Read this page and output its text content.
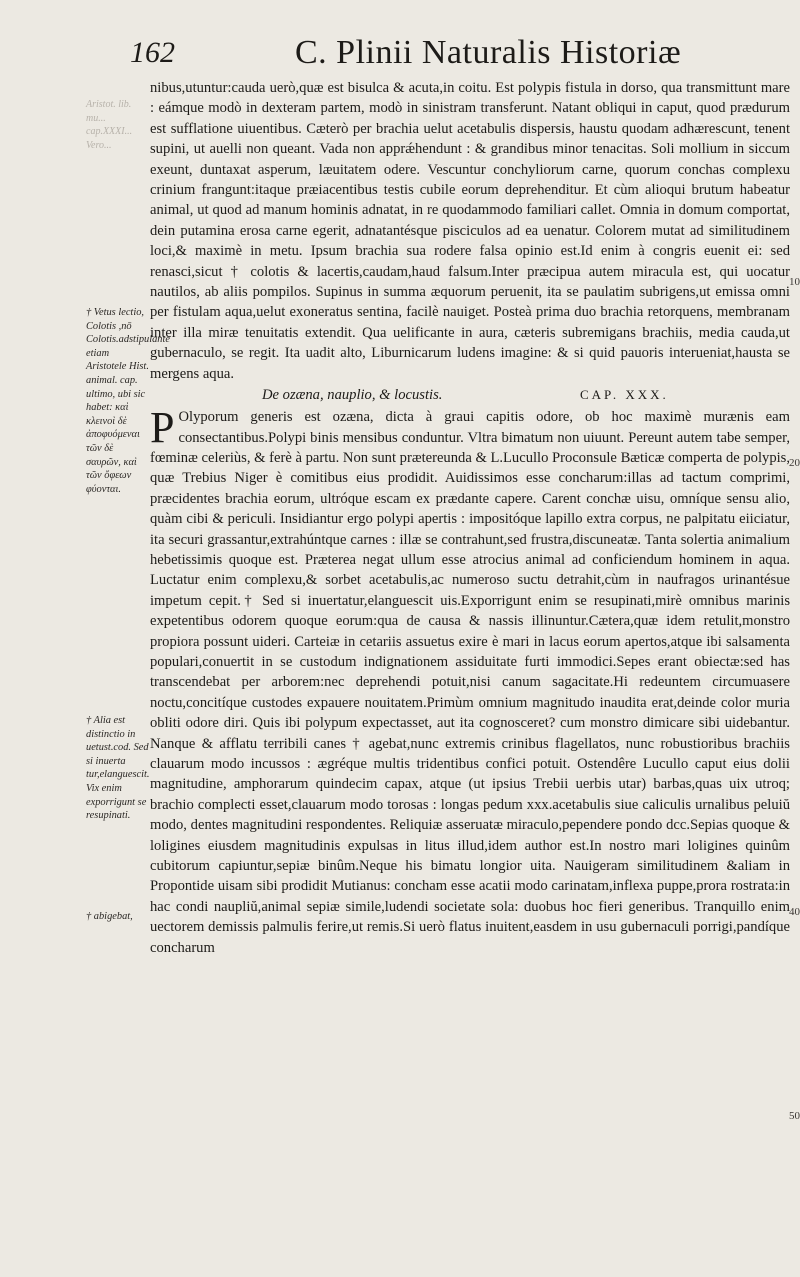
162	C. Plinii Naturalis Historiæ
Aristot. lib. mu... cap.XXXI... Vero...
† Vetus lectio, Colotis ,nō Colotis.adstipulante etiam Aristotele Hist. animal. cap. ultimo, ubi sic habet: καὶ κλεινοὶ δὲ ἀποφυόμεναι τῶν δὲ σαυρῶν, καὶ τῶν ὄφεων φύονται.
† Alia est distinctio in uetust.cod. Sed si inuerta tur,elanguescit. Vix enim exporrigunt se resupinati.
† abigebat,

nibus,utuntur:cauda uerò,quæ est bisulca & acuta,in coitu. Est polypis fistula in dorso, qua transmittunt mare : eámque modò in dexteram partem, modò in sinistram transferunt. Natant obliqui in caput, quod prædurum est sufflatione uiuentibus. Cæterò per brachia uelut acetabulis dispersis, haustu quodam adhærescunt, tenent supini, ut auelli non queant. Vada non apprǽhendunt : & grandibus minor tenacitas. Soli mollium in siccum exeunt, duntaxat asperum, læuitatem odere. Vescuntur conchyliorum carne, quorum conchas complexu crinium frangunt:itaque præiacentibus testis cubile eorum deprehenditur. Et cùm alioqui brutum habeatur animal, ut quod ad manum hominis adnatat, in re quodammodo familiari callet. Omnia in domum comportat, dein putamina erosa carne egerit, adnatantésque pisciculos ad ea uenatur. Colorem mutat ad similitudinem loci,& maximè in metu. Ipsum brachia sua rodere falsa opinio est.Id enim à congris euenit ei: sed renasci,sicut † colotis & lacertis,caudam,haud falsum.Inter præcipua autem miracula est, qui uocatur nautilos, ab aliis pompilos. Supinus in summa æquorum peruenit, ita se paulatim subrigens,ut emissa omni per fistulam aqua,uelut exoneratus sentina, facilè nauiget. Posteà prima duo brachia retorquens, membranam inter illa miræ tenuitatis extendit. Qua uelificante in aura, cæteris subremigans brachiis, media cauda,ut gubernaculo, se regit. Ita uadit alto, Liburnicarum ludens imagine: & si quid pauoris interueniat,hausta se mergens aqua.

De ozæna, nauplio, & locustis.	CAP. XXX.

P Olyporum generis est ozæna, dicta à graui capitis odore, ob hoc maximè murænis eam consectantibus.Polypi binis mensibus conduntur. Vltra bimatum non uiuunt. Pereunt autem tabe semper, fœminæ celeriùs, & ferè à partu. Non sunt prætereunda & L.Lucullo Proconsule Bæticæ comperta de polypis, quæ Trebius Niger è comitibus eius prodidit. Auidissimos esse concharum:illas ad tactum comprimi, præcidentes brachia eorum, ultróque escam ex prædante capere. Carent conchæ uisu, omníque sensu alio, quàm cibi & periculi. Insidiantur ergo polypi apertis : impositóque lapillo extra corpus, ne palpitatu eiiciatur, ita securi grassantur,extrahúntque carnes : illæ se contrahunt,sed frustra,discuneatæ. Tanta solertia animalium hebetissimis quoque est. Præterea negat ullum esse atrocius animal ad conficiendum hominem in aqua. Luctatur enim complexu,& sorbet acetabulis,ac numeroso suctu detrahit,cùm in naufragos urinantésue impetum cepit.† Sed si inuertatur,elanguescit uis.Exporrigunt enim se resupinati,mirè omnibus marinis expetentibus odorem quoque eorum:qua de causa & nassis illinuntur.Cætera,quæ idem retulit,monstro propiora possunt uideri. Carteiæ in cetariis assuetus exire è mari in lacus eorum apertos,atque ibi salsamenta populari,conuertit in se custodum indignationem assiduitate furti immodici.Sepes erant obiectæ:sed has transcendebat per arborem:nec deprehendi potuit,nisi canum sagacitate.Hi redeuntem circumuasere noctu,concitíque custodes expauere nouitatem.Primùm omnium magnitudo inaudita erat,deinde color muria obliti odore diri. Quis ibi polypum expectasset, aut ita cognosceret? cum monstro dimicare sibi uidebantur. Nanque & afflatu terribili canes † agebat,nunc extremis crinibus flagellatos, nunc robustioribus brachiis clauarum modo incussos : ægréque multis tridentibus confici potuit. Ostendêre Lucullo caput eius dolii magnitudine, amphorarum quindecim capax, atque (ut ipsius Trebii uerbis utar) barbas,quas uix utroq; brachio complecti esset,clauarum modo torosas : longas pedum xxx.acetabulis siue caliculis urnalibus peluiŭ modo, dentes magnitudini respondentes. Reliquiæ asseruatæ miraculo,pependere pondo dcc.Sepias quoque & loligines eiusdem magnitudinis expulsas in litus illud,idem author est.In nostro mari loligines quinûm cubitorum capiuntur,sepiæ binûm.Neque his bimatu longior uita. Nauigeram similitudinem &aliam in Propontide uisam sibi prodidit Mutianus: concham esse acatii modo carinatam,inflexa puppe,prora rostrata:in hac condi naupliŭ,animal sepiæ simile,ludendi societate sola: duobus hoc fieri generibus. Tranquillo enim uectorem demissis palmulis ferire,ut remis.Si uerò flatus inuitent,easdem in usu gubernaculi porrigi,pandíque concharum

10
20
40
50
